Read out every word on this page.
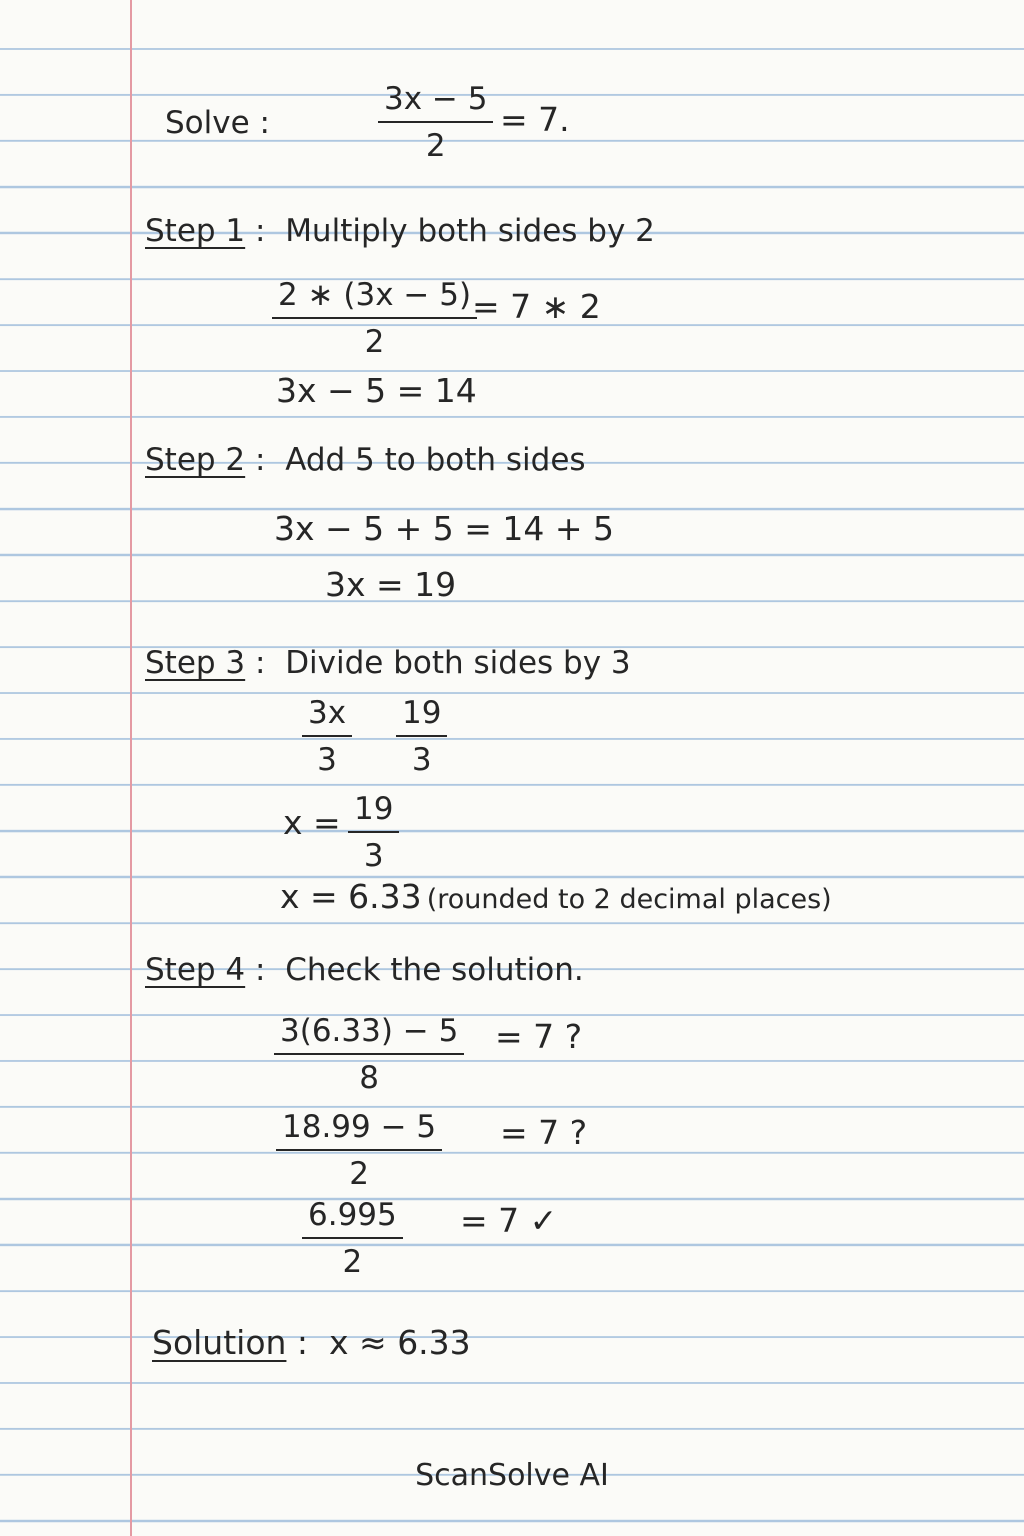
Solve :
3x − 5
2
= 7.
Step 1 :  Multiply both sides by 2
2 ∗ (3x − 5)
2
= 7 ∗ 2
3x − 5 = 14
Step 2 :  Add 5 to both sides
3x − 5 + 5 = 14 + 5
3x = 19
Step 3 :  Divide both sides by 3
3x
3
19
3
x = 19
3
x = 6.33 (rounded to 2 decimal places)
Step 4 :  Check the solution.
3(6.33) − 5
8
= 7 ?
18.99 − 5
2
= 7 ?
6.995
2
= 7 ✓
Solution :  x ≈ 6.33
ScanSolve AI
